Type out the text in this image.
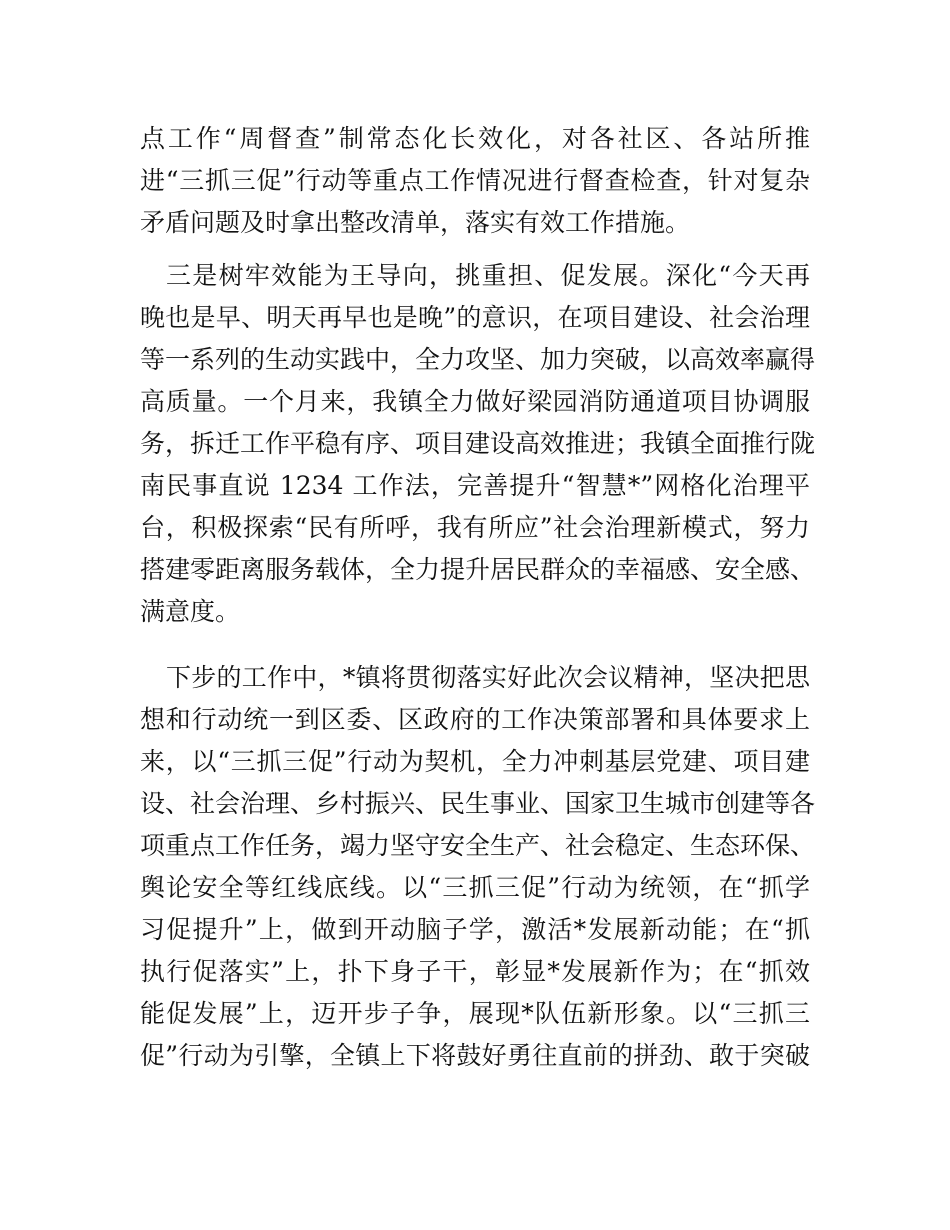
点工作“周督查”制常态化长效化，对各社区、各站所推
进“三抓三促”行动等重点工作情况进行督查检查，针对复杂
矛盾问题及时拿出整改清单，落实有效工作措施。
三是树牢效能为王导向，挑重担、促发展。深化“今天再
晚也是早、明天再早也是晚”的意识，在项目建设、社会治理
等一系列的生动实践中，全力攻坚、加力突破，以高效率赢得
高质量。一个月来，我镇全力做好梁园消防通道项目协调服
务，拆迁工作平稳有序、项目建设高效推进；我镇全面推行陇
南民事直说 1234 工作法，完善提升“智慧*”网格化治理平
台，积极探索“民有所呼，我有所应”社会治理新模式，努力
搭建零距离服务载体，全力提升居民群众的幸福感、安全感、
满意度。
下步的工作中，*镇将贯彻落实好此次会议精神，坚决把思
想和行动统一到区委、区政府的工作决策部署和具体要求上
来，以“三抓三促”行动为契机，全力冲刺基层党建、项目建
设、社会治理、乡村振兴、民生事业、国家卫生城市创建等各
项重点工作任务，竭力坚守安全生产、社会稳定、生态环保、
舆论安全等红线底线。以“三抓三促”行动为统领，在“抓学
习促提升”上，做到开动脑子学，激活*发展新动能；在“抓
执行促落实”上，扑下身子干，彰显*发展新作为；在“抓效
能促发展”上，迈开步子争，展现*队伍新形象。以“三抓三
促”行动为引擎，全镇上下将鼓好勇往直前的拼劲、敢于突破
